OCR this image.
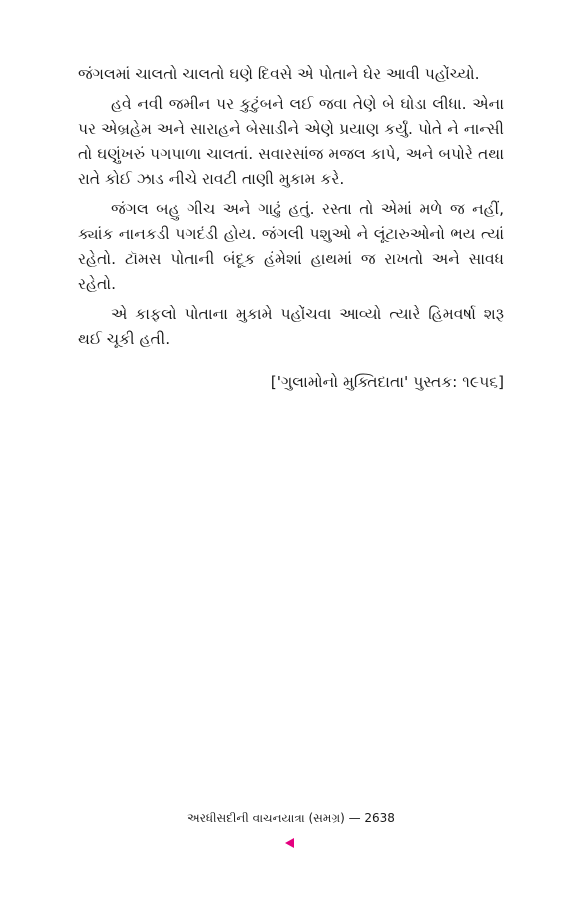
જંગલમાં ચાલતો ચાલતો ઘણે દિવસે એ પોતાને ઘેર આવી પહોંચ્યો.

હવે નવી જમીન પર કુટુંબને લઈ જવા તેણે બે ઘોડા લીધા. એના પર એબ્રહેમ અને સારાહને બેસાડીને એણે પ્રયાણ કર્યું. પોતે ને નાન્સી તો ઘણુંખરું પગપાળા ચાલતાં. સવારસાંજ મજલ કાપે, અને બપોરે તથા રાતે કોઈ ઝાડ નીચે રાવટી તાણી મુકામ કરે.

જંગલ બહુ ગીચ અને ગાઢું હતું. રસ્તા તો એમાં મળે જ નહીં, ક્યાંક નાનકડી પગદંડી હોય. જંગલી પશુઓ ને લૂંટારુઓનો ભય ત્યાં રહેતો. ટૉમસ પોતાની બંદૂક હંમેશાં હાથમાં જ રાખતો અને સાવધ રહેતો.

એ કાફલો પોતાના મુકામે પહોંચવા આવ્યો ત્યારે હિમવર્ષા શરૂ થઈ ચૂકી હતી.

['ગુલામોનો મુક્તિદાતા' પુસ્તક: ૧૯૫૬]
અરધીસદીની વાચનયાત્રા (સમગ્ર) — 2638
